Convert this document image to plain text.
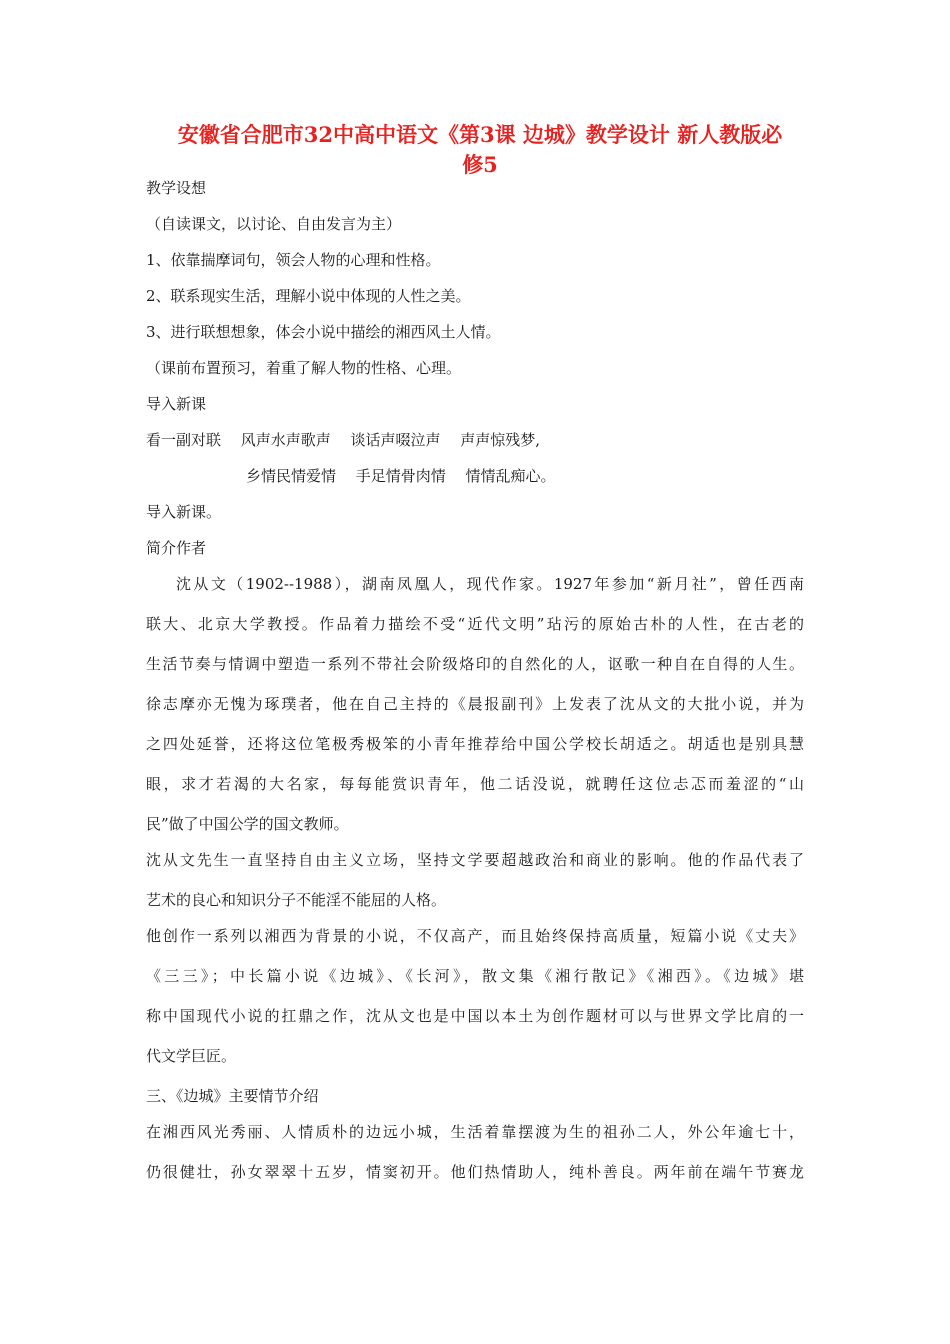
安徽省合肥市32中高中语文《第3课 边城》教学设计 新人教版必
修5

教学设想

（自读课文，以讨论、自由发言为主）

1、依靠揣摩词句，领会人物的心理和性格。

2、联系现实生活，理解小说中体现的人性之美。

3、进行联想想象，体会小说中描绘的湘西风土人情。

（课前布置预习，着重了解人物的性格、心理。

导入新课

看一副对联　 风声水声歌声　 谈话声啜泣声　 声声惊残梦,

乡情民情爱情　 手足情骨肉情　 情情乱痴心。

导入新课。

简介作者

沈从文（1902--1988），湖南凤凰人，现代作家。1927年参加“新月社”，曾任西南

联大、北京大学教授。作品着力描绘不受“近代文明”玷污的原始古朴的人性，在古老的

生活节奏与情调中塑造一系列不带社会阶级烙印的自然化的人，讴歌一种自在自得的人生。

徐志摩亦无愧为琢璞者，他在自己主持的《晨报副刊》上发表了沈从文的大批小说，并为

之四处延誉，还将这位笔极秀极笨的小青年推荐给中国公学校长胡适之。胡适也是别具慧

眼，求才若渴的大名家，每每能赏识青年，他二话没说，就聘任这位忐忑而羞涩的“山

民”做了中国公学的国文教师。

沈从文先生一直坚持自由主义立场，坚持文学要超越政治和商业的影响。他的作品代表了

艺术的良心和知识分子不能淫不能屈的人格。

他创作一系列以湘西为背景的小说，不仅高产，而且始终保持高质量，短篇小说《丈夫》

《三三》；中长篇小说《边城》、《长河》，散文集《湘行散记》《湘西》。《边城》堪

称中国现代小说的扛鼎之作，沈从文也是中国以本土为创作题材可以与世界文学比肩的一

代文学巨匠。

三、《边城》主要情节介绍

在湘西风光秀丽、人情质朴的边远小城，生活着靠摆渡为生的祖孙二人，外公年逾七十，

仍很健壮，孙女翠翠十五岁，情窦初开。他们热情助人，纯朴善良。两年前在端午节赛龙
